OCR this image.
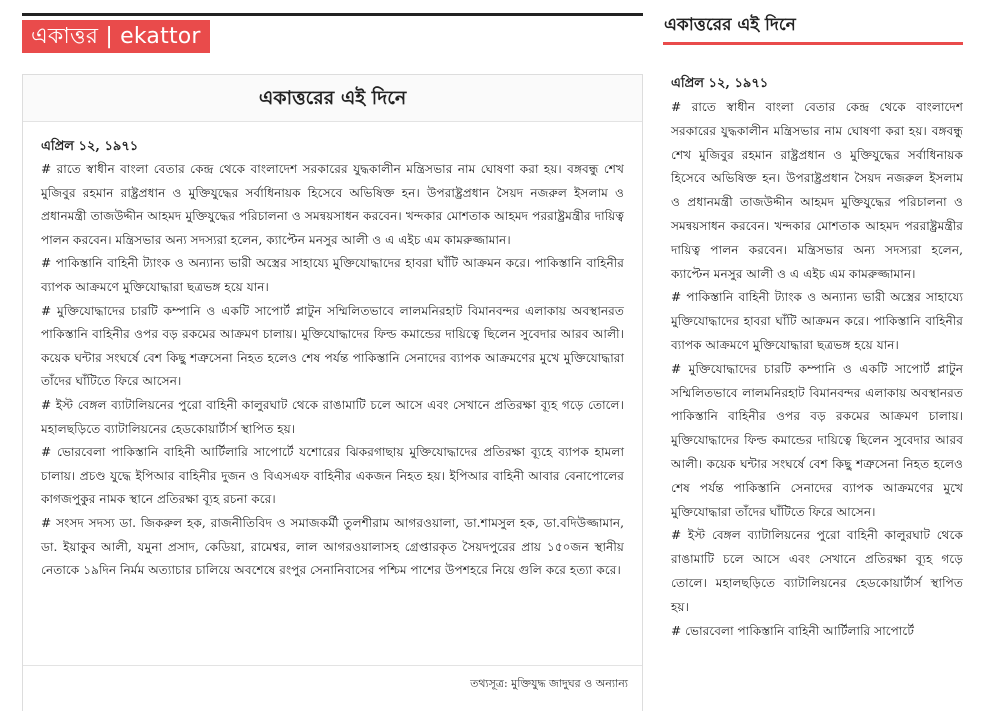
একাত্তর | ekattor
একাত্তরের এই দিনে
এপ্রিল ১২, ১৯৭১

# রাতে স্বাধীন বাংলা বেতার কেন্দ্র থেকে বাংলাদেশ সরকারের যুদ্ধকালীন মন্ত্রিসভার নাম ঘোষণা করা হয়। বঙ্গবন্ধু শেখ মুজিবুর রহমান রাষ্ট্রপ্রধান ও মুক্তিযুদ্ধের সর্বাধিনায়ক হিসেবে অভিষিক্ত হন। উপরাষ্ট্রপ্রধান সৈয়দ নজরুল ইসলাম ও প্রধানমন্ত্রী তাজউদ্দীন আহমদ মুক্তিযুদ্ধের পরিচালনা ও সমন্বয়সাধন করবেন। খন্দকার মোশতাক আহমদ পররাষ্ট্রমন্ত্রীর দায়িত্ব পালন করবেন। মন্ত্রিসভার অন্য সদস্যরা হলেন, ক্যাপ্টেন মনসুর আলী ও এ এইচ এম কামরুজ্জামান।

# পাকিস্তানি বাহিনী ট্যাংক ও অন্যান্য ভারী অস্ত্রের সাহায্যে মুক্তিযোদ্ধাদের হাবরা ঘাঁটি আক্রমন করে। পাকিস্তানি বাহিনীর ব্যাপক আক্রমণে মুক্তিযোদ্ধারা ছত্রভঙ্গ হয়ে যান।

# মুক্তিযোদ্ধাদের চারটি কম্পানি ও একটি সাপোর্ট প্লাটুন সম্মিলিতভাবে লালমনিরহাট বিমানবন্দর এলাকায় অবস্থানরত পাকিস্তানি বাহিনীর ওপর বড় রকমের আক্রমণ চালায়। মুক্তিযোদ্ধাদের ফিল্ড কমান্ডের দায়িত্বে ছিলেন সুবেদার আরব আলী। কয়েক ঘন্টার সংঘর্ষে বেশ কিছু শত্রুসেনা নিহত হলেও শেষ পর্যন্ত পাকিস্তানি সেনাদের ব্যাপক আক্রমণের মুখে মুক্তিযোদ্ধারা তাঁদের ঘাঁটিতে ফিরে আসেন।

# ইস্ট বেঙ্গল ব্যাটালিয়নের পুরো বাহিনী কালুরঘাট থেকে রাঙামাটি চলে আসে এবং সেখানে প্রতিরক্ষা ব্যূহ গড়ে তোলে। মহালছড়িতে ব্যাটালিয়নের হেডকোয়ার্টার্স স্থাপিত হয়।

# ভোরবেলা পাকিস্তানি বাহিনী আর্টিলারি সাপোর্টে যশোরের ঝিকরগাছায় মুক্তিযোদ্ধাদের প্রতিরক্ষা ব্যূহে ব্যাপক হামলা চালায়। প্রচণ্ড যুদ্ধে ইপিআর বাহিনীর দুজন ও বিএসএফ বাহিনীর একজন নিহত হয়। ইপিআর বাহিনী আবার বেনাপোলের কাগজপুকুর নামক স্থানে প্রতিরক্ষা ব্যূহ রচনা করে।

# সংসদ সদস্য ডা. জিকরুল হক, রাজনীতিবিদ ও সমাজকর্মী তুলশীরাম আগরওয়ালা, ডা.শামসুল হক, ডা.বদিউজ্জামান, ডা. ইয়াকুব আলী, যমুনা প্রসাদ, কেডিয়া, রামেশ্বর, লাল আগরওয়ালাসহ গ্রেপ্তারকৃত সৈয়দপুরের প্রায় ১৫০জন স্থানীয় নেতাকে ১৯দিন নির্মম অত্যাচার চালিয়ে অবশেষে রংপুর সেনানিবাসের পশ্চিম পাশের উপশহরে নিয়ে গুলি করে হত্যা করে।

তথ্যসূত্র: মুক্তিযুদ্ধ জাদুঘর ও অন্যান্য
একাত্তরের এই দিনে
এপ্রিল ১২, ১৯৭১

# রাতে স্বাধীন বাংলা বেতার কেন্দ্র থেকে বাংলাদেশ সরকারের যুদ্ধকালীন মন্ত্রিসভার নাম ঘোষণা করা হয়। বঙ্গবন্ধু শেখ মুজিবুর রহমান রাষ্ট্রপ্রধান ও মুক্তিযুদ্ধের সর্বাধিনায়ক হিসেবে অভিষিক্ত হন। উপরাষ্ট্রপ্রধান সৈয়দ নজরুল ইসলাম ও প্রধানমন্ত্রী তাজউদ্দীন আহমদ মুক্তিযুদ্ধের পরিচালনা ও সমন্বয়সাধন করবেন। খন্দকার মোশতাক আহমদ পররাষ্ট্রমন্ত্রীর দায়িত্ব পালন করবেন। মন্ত্রিসভার অন্য সদস্যরা হলেন, ক্যাপ্টেন মনসুর আলী ও এ এইচ এম কামরুজ্জামান।

# পাকিস্তানি বাহিনী ট্যাংক ও অন্যান্য ভারী অস্ত্রের সাহায্যে মুক্তিযোদ্ধাদের হাবরা ঘাঁটি আক্রমন করে। পাকিস্তানি বাহিনীর ব্যাপক আক্রমণে মুক্তিযোদ্ধারা ছত্রভঙ্গ হয়ে যান।

# মুক্তিযোদ্ধাদের চারটি কম্পানি ও একটি সাপোর্ট প্লাটুন সম্মিলিতভাবে লালমনিরহাট বিমানবন্দর এলাকায় অবস্থানরত পাকিস্তানি বাহিনীর ওপর বড় রকমের আক্রমণ চালায়। মুক্তিযোদ্ধাদের ফিল্ড কমান্ডের দায়িত্বে ছিলেন সুবেদার আরব আলী। কয়েক ঘন্টার সংঘর্ষে বেশ কিছু শত্রুসেনা নিহত হলেও শেষ পর্যন্ত পাকিস্তানি সেনাদের ব্যাপক আক্রমণের মুখে মুক্তিযোদ্ধারা তাঁদের ঘাঁটিতে ফিরে আসেন।

# ইস্ট বেঙ্গল ব্যাটালিয়নের পুরো বাহিনী কালুরঘাট থেকে রাঙামাটি চলে আসে এবং সেখানে প্রতিরক্ষা ব্যূহ গড়ে তোলে। মহালছড়িতে ব্যাটালিয়নের হেডকোয়ার্টার্স স্থাপিত হয়।

# ভোরবেলা পাকিস্তানি বাহিনী আর্টিলারি সাপোর্টে
